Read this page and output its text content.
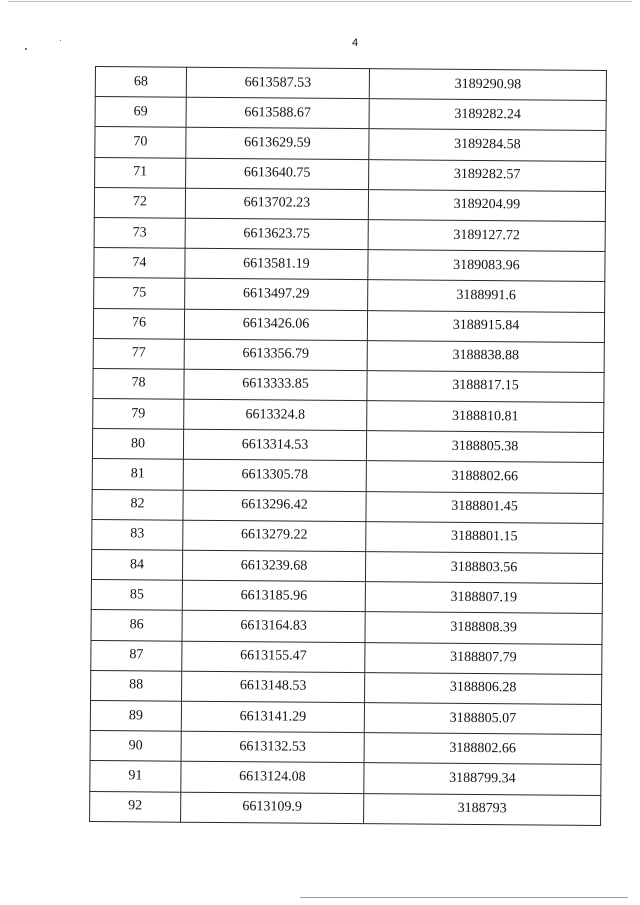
4
68	6613587.53	3189290.98
69	6613588.67	3189282.24
70	6613629.59	3189284.58
71	6613640.75	3189282.57
72	6613702.23	3189204.99
73	6613623.75	3189127.72
74	6613581.19	3189083.96
75	6613497.29	3188991.6
76	6613426.06	3188915.84
77	6613356.79	3188838.88
78	6613333.85	3188817.15
79	6613324.8	3188810.81
80	6613314.53	3188805.38
81	6613305.78	3188802.66
82	6613296.42	3188801.45
83	6613279.22	3188801.15
84	6613239.68	3188803.56
85	6613185.96	3188807.19
86	6613164.83	3188808.39
87	6613155.47	3188807.79
88	6613148.53	3188806.28
89	6613141.29	3188805.07
90	6613132.53	3188802.66
91	6613124.08	3188799.34
92	6613109.9	3188793
